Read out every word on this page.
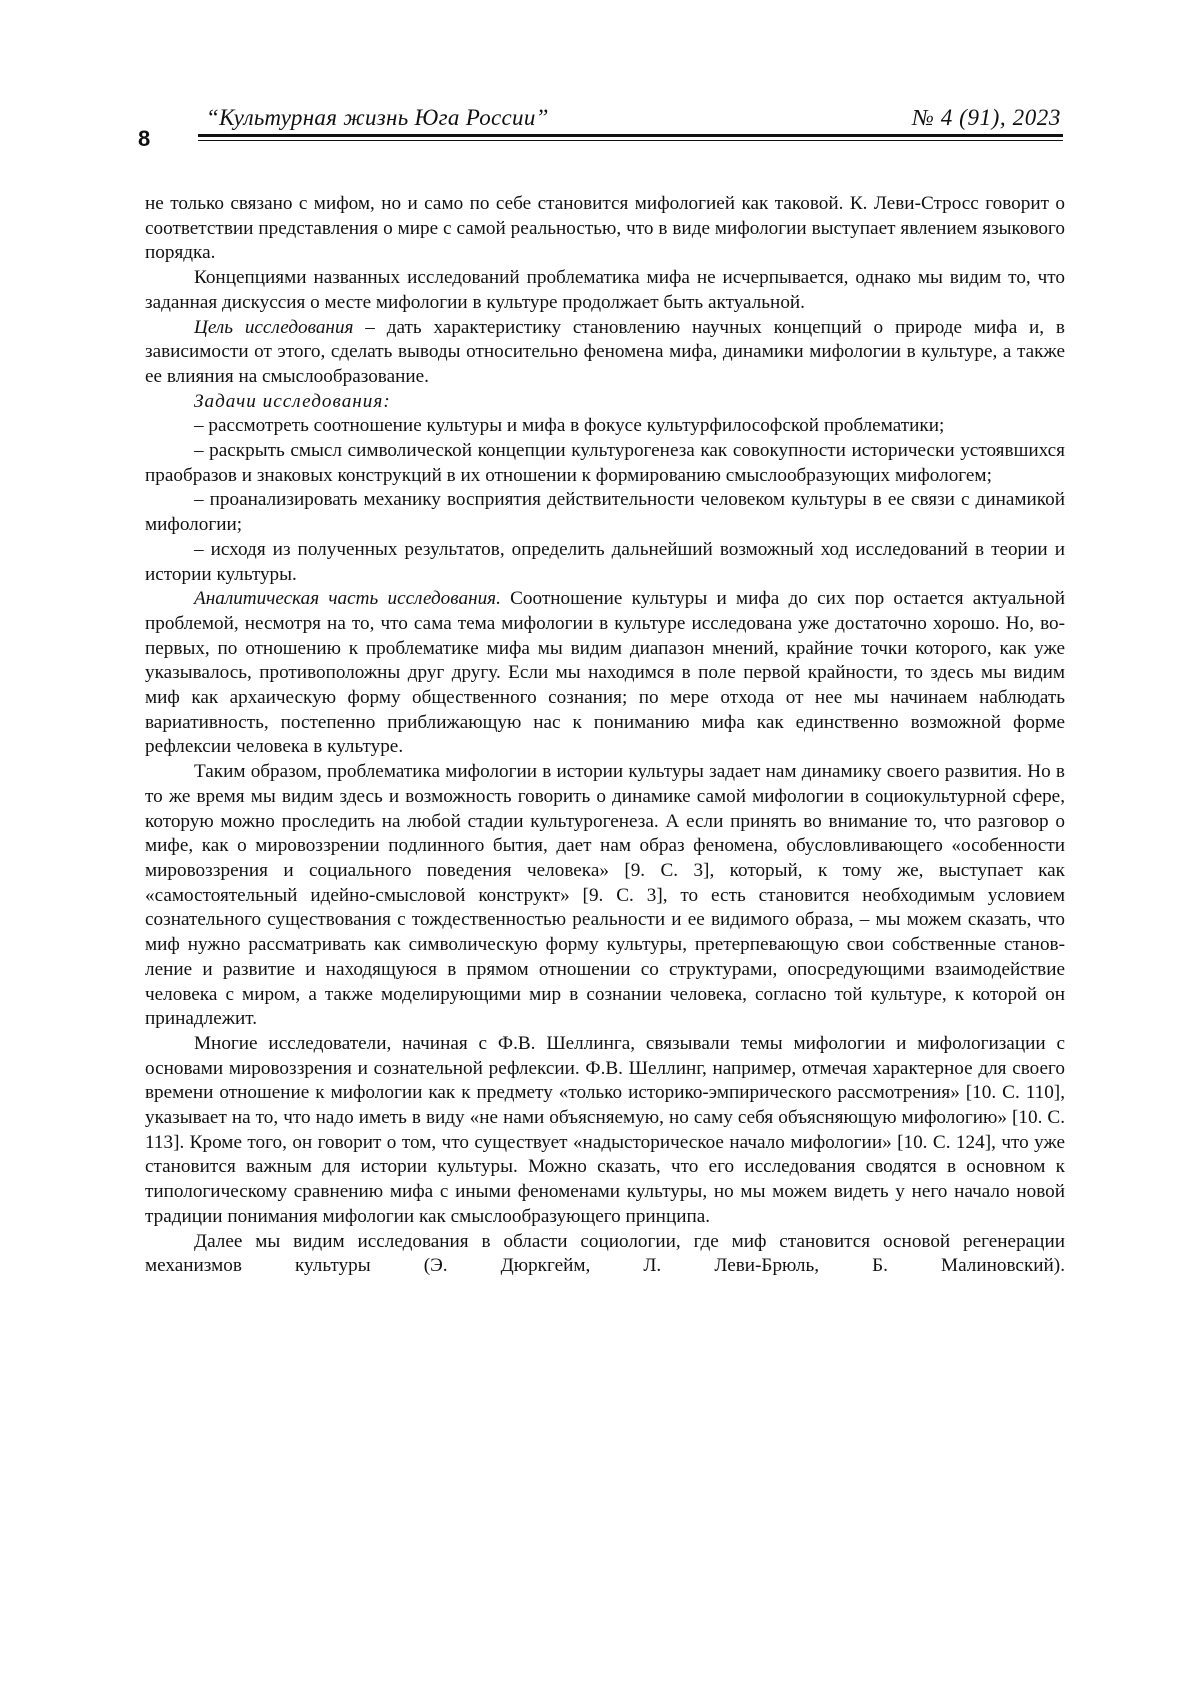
8
“Культурная жизнь Юга России”	№ 4 (91), 2023

не только связано с мифом, но и само по себе становится мифологией как таковой. К. Леви-Стросс говорит о соответствии представления о мире с самой реальностью, что в виде мифологии выступает явлением языкового порядка.

Концепциями названных исследований проблематика мифа не исчерпывается, однако мы видим то, что заданная дискуссия о месте мифологии в культуре продолжает быть актуальной.

Цель исследования – дать характеристику становлению научных концепций о природе мифа и, в зависимости от этого, сделать выводы относительно феномена мифа, динамики мифологии в культуре, а также ее влияния на смыслообразование.

Задачи исследования:

– рассмотреть соотношение культуры и мифа в фокусе культурфилософской проблематики;

– раскрыть смысл символической концепции культурогенеза как совокупности исторически устоявшихся праобразов и знаковых конструкций в их отношении к формированию смыслообразующих мифологем;

– проанализировать механику восприятия действительности человеком культуры в ее связи с динамикой мифологии;

– исходя из полученных результатов, определить дальнейший возможный ход исследований в теории и истории культуры.

Аналитическая часть исследования. Соотношение культуры и мифа до сих пор остается актуальной проблемой, несмотря на то, что сама тема мифологии в культуре исследована уже достаточно хорошо. Но, во-первых, по отношению к проблематике мифа мы видим диапазон мнений, крайние точки которого, как уже указывалось, противоположны друг другу. Если мы находимся в поле первой крайности, то здесь мы видим миф как архаическую форму общественного сознания; по мере отхода от нее мы начинаем наблюдать вариативность, постепенно приближающую нас к пониманию мифа как единственно возможной форме рефлексии человека в культуре.

Таким образом, проблематика мифологии в истории культуры задает нам динамику своего развития. Но в то же время мы видим здесь и возможность говорить о динамике самой мифологии в социокультурной сфере, которую можно проследить на любой стадии культурогенеза. А если принять во внимание то, что разговор о мифе, как о мировоззрении подлинного бытия, дает нам образ феномена, обусловливающего «особенности мировоззрения и социального поведения человека» [9. С. 3], который, к тому же, выступает как «самостоятельный идейно-смысловой конструкт» [9. С. 3], то есть становится необходимым условием сознательного существования с тождественностью реальности и ее видимого образа, – мы можем сказать, что миф нужно рассматривать как символическую форму культуры, претерпевающую свои собственные становление и развитие и находящуюся в прямом отношении со структурами, опосредующими взаимодействие человека с миром, а также моделирующими мир в сознании человека, согласно той культуре, к которой он принадлежит.

Многие исследователи, начиная с Ф.В. Шеллинга, связывали темы мифологии и мифологизации с основами мировоззрения и сознательной рефлексии. Ф.В. Шеллинг, например, отмечая характерное для своего времени отношение к мифологии как к предмету «только историко-эмпирического рассмотрения» [10. С. 110], указывает на то, что надо иметь в виду «не нами объясняемую, но саму себя объясняющую мифологию» [10. С. 113]. Кроме того, он говорит о том, что существует «надысторическое начало мифологии» [10. С. 124], что уже становится важным для истории культуры. Можно сказать, что его исследования сводятся в основном к типологическому сравнению мифа с иными феноменами культуры, но мы можем видеть у него начало новой традиции понимания мифологии как смыслообразующего принципа.

Далее мы видим исследования в области социологии, где миф становится основой регенерации механизмов культуры (Э. Дюркгейм, Л. Леви-Брюль, Б. Малиновский).
